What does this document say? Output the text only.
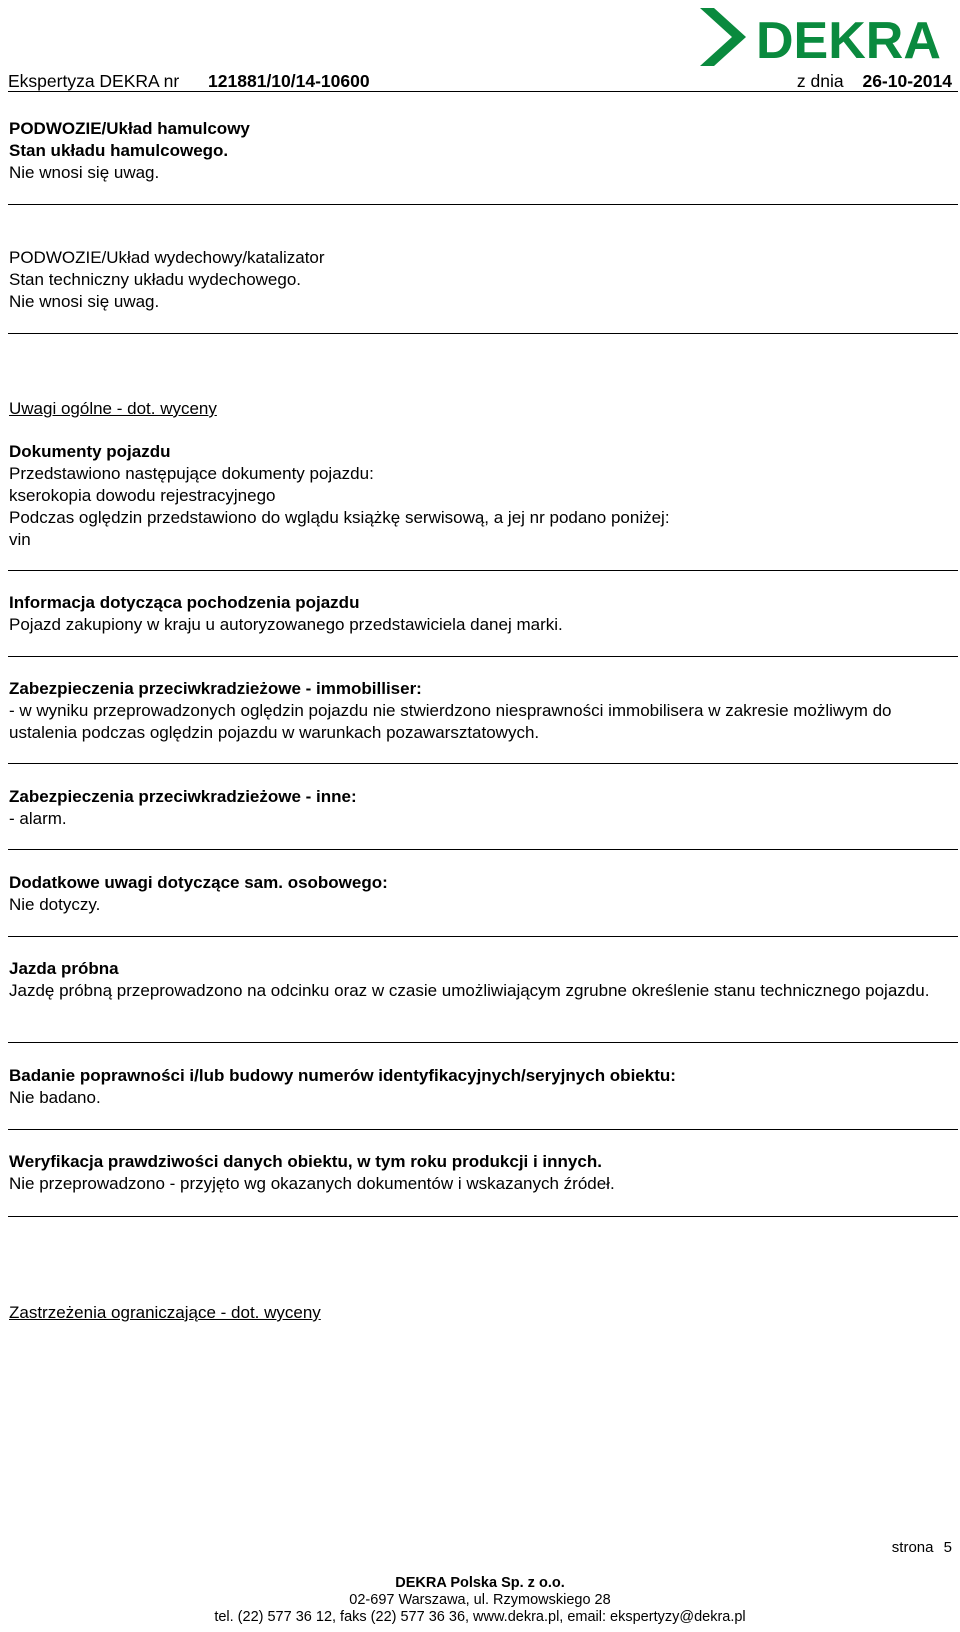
DEKRA
Ekspertyza DEKRA nr 121881/10/14-10600	z dnia 26-10-2014
PODWOZIE/Układ hamulcowy
Stan układu hamulcowego.
Nie wnosi się uwag.
PODWOZIE/Układ wydechowy/katalizator
Stan techniczny układu wydechowego.
Nie wnosi się uwag.
Uwagi ogólne - dot. wyceny
Dokumenty pojazdu
Przedstawiono następujące dokumenty pojazdu:
kserokopia dowodu rejestracyjnego
Podczas oględzin przedstawiono do wglądu książkę serwisową, a jej nr podano poniżej:
vin
Informacja dotycząca pochodzenia pojazdu
Pojazd zakupiony w kraju u autoryzowanego przedstawiciela danej marki.
Zabezpieczenia przeciwkradzieżowe - immobilliser:
- w wyniku przeprowadzonych oględzin pojazdu nie stwierdzono niesprawności immobilisera w zakresie możliwym do ustalenia podczas oględzin pojazdu w warunkach pozawarsztatowych.
Zabezpieczenia przeciwkradzieżowe - inne:
- alarm.
Dodatkowe uwagi dotyczące sam. osobowego:
Nie dotyczy.
Jazda próbna
Jazdę próbną przeprowadzono na odcinku oraz w czasie umożliwiającym zgrubne określenie stanu technicznego pojazdu.
Badanie poprawności i/lub budowy numerów identyfikacyjnych/seryjnych obiektu:
Nie badano.
Weryfikacja prawdziwości danych obiektu, w tym roku produkcji i innych.
Nie przeprowadzono - przyjęto wg okazanych dokumentów i wskazanych źródeł.
Zastrzeżenia ograniczające - dot. wyceny
strona 5
DEKRA Polska Sp. z o.o.
02-697 Warszawa, ul. Rzymowskiego 28
tel. (22) 577 36 12, faks (22) 577 36 36, www.dekra.pl, email: ekspertyzy@dekra.pl
